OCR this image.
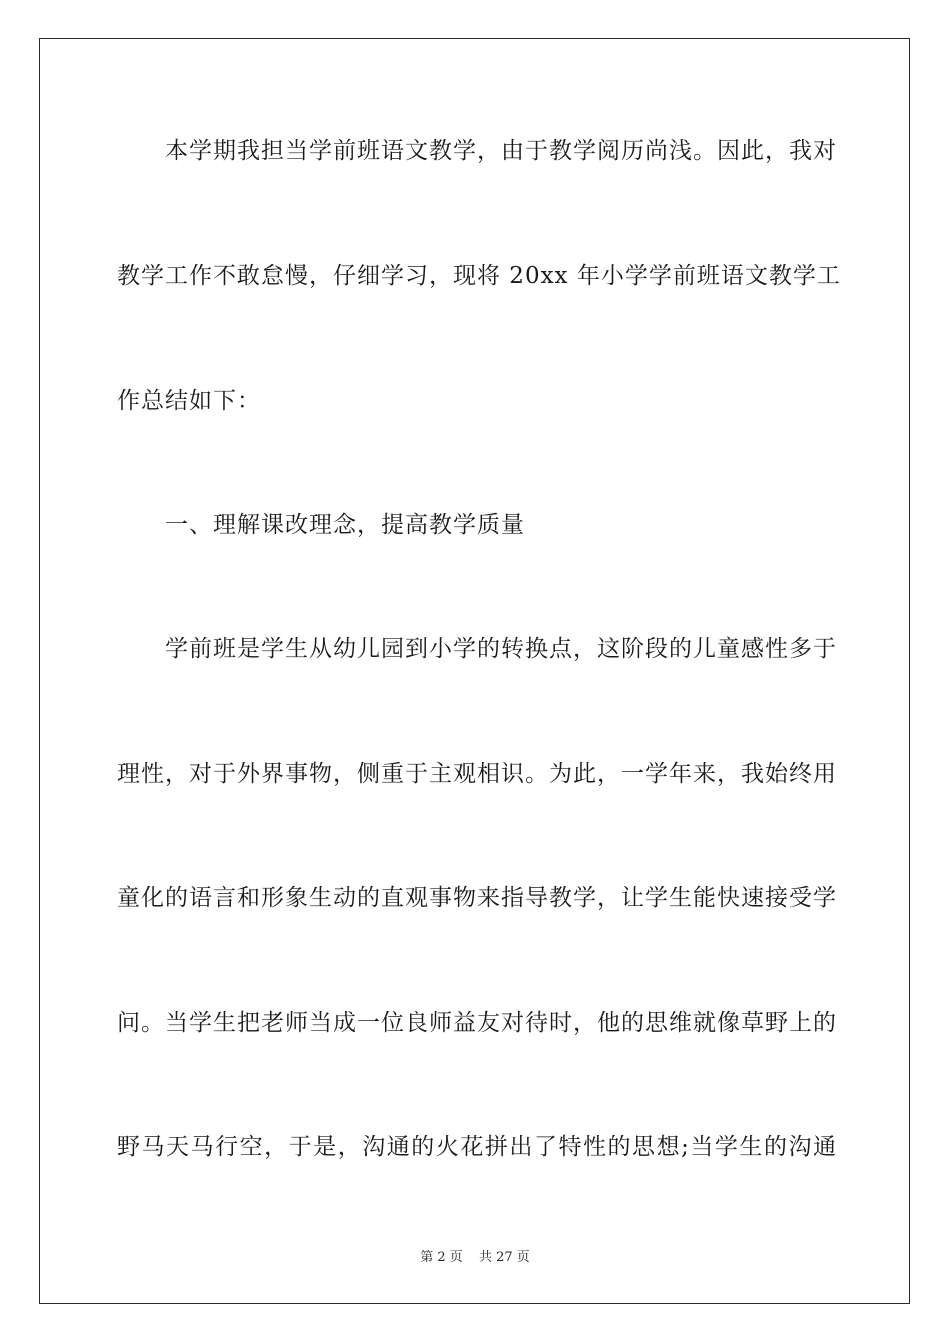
本学期我担当学前班语文教学，由于教学阅历尚浅。因此，我对

教学工作不敢怠慢，仔细学习，现将 20xx 年小学学前班语文教学工

作总结如下：

一、理解课改理念，提高教学质量

学前班是学生从幼儿园到小学的转换点，这阶段的儿童感性多于

理性，对于外界事物，侧重于主观相识。为此，一学年来，我始终用

童化的语言和形象生动的直观事物来指导教学，让学生能快速接受学

问。当学生把老师当成一位良师益友对待时，他的思维就像草野上的

野马天马行空，于是，沟通的火花拼出了特性的思想;当学生的沟通

第 2 页 共 27 页
